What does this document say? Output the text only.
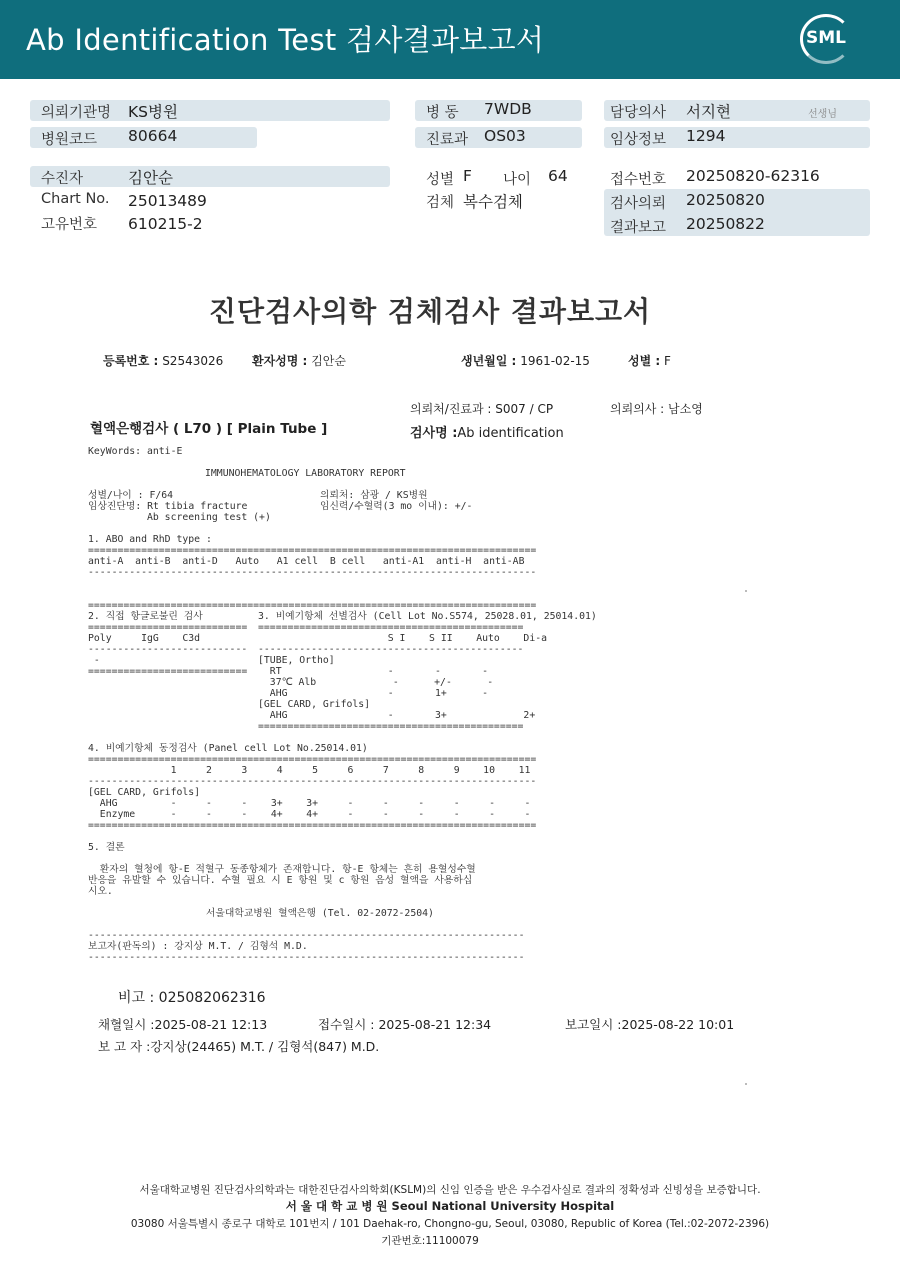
Ab Identification Test 검사결과보고서	SML
의뢰기관명 KS병원
병원코드 80664
수진자	김안순
Chart No. 25013489
고유번호 610215-2
병 동 7WDB
진료과 OS03
성별 F 나이 64
검체 복수검체
담당의사 서지현	선생님
임상정보 1294
접수번호 20250820-62316
검사의뢰 20250820
결과보고 20250822
진단검사의학 검체검사 결과보고서
등록번호 : S2543026 환자성명 : 김안순	생년월일 : 1961-02-15	성별 : F
의뢰처/진료과 : S007 / CP	의뢰의사 : 남소영
혈액은행검사 ( L70 ) [ Plain Tube ]	검사명 :Ab identification
KeyWords: anti-E
IMMUNOHEMATOLOGY LABORATORY REPORT
성별/나이 : F/64
임상진단명: Rt tibia fracture
Ab screening test (+)
의뢰처: 삼광 / KS병원
임신력/수혈력(3 mo 이내): +/-
1. ABO and RhD type :
============================================================================
anti-A  anti-B  anti-D   Auto   A1 cell  B cell   anti-A1  anti-H  anti-AB
----------------------------------------------------------------------------

============================================================================
2. 직접 항글로불린 검사
===========================
Poly     IgG    C3d
---------------------------
-
===========================
3. 비예기항체 선별검사 (Cell Lot No.S574, 25028.01, 25014.01)
=============================================
S I    S II    Auto    Di-a
---------------------------------------------
[TUBE, Ortho]
RT                  -       -       -
37℃ Alb             -      +/-      -
AHG                 -       1+      -
[GEL CARD, Grifols]
AHG                 -       3+             2+
=============================================
4. 비예기항체 동정검사 (Panel cell Lot No.25014.01)
============================================================================
1     2     3     4     5     6     7     8     9    10    11
----------------------------------------------------------------------------
[GEL CARD, Grifols]
AHG         -     -     -    3+    3+     -     -     -     -     -     -
Enzyme      -     -     -    4+    4+     -     -     -     -     -     -
============================================================================
5. 결론

환자의 혈청에 항-E 적혈구 동종항체가 존재합니다. 항-E 항체는 흔히 용혈성수혈
반응을 유발할 수 있습니다. 수혈 필요 시 E 항원 및 c 항원 음성 혈액을 사용하십
시오.

서울대학교병원 혈액은행 (Tel. 02-2072-2504)

--------------------------------------------------------------------------
보고자(판독의) : 강지상 M.T. / 김형석 M.D.
--------------------------------------------------------------------------
비고 : 025082062316
채혈일시 :2025-08-21 12:13	접수일시 : 2025-08-21 12:34	보고일시 :2025-08-22 10:01
보 고 자 :강지상(24465) M.T. / 김형석(847) M.D.
서울대학교병원 진단검사의학과는 대한진단검사의학회(KSLM)의 신임 인증을 받은 우수검사실로 결과의 정확성과 신빙성을 보증합니다.
서 울 대 학 교 병 원 Seoul National University Hospital
03080 서울특별시 종로구 대학로 101번지 / 101 Daehak-ro, Chongno-gu, Seoul, 03080, Republic of Korea (Tel.:02-2072-2396)
기관번호:11100079
